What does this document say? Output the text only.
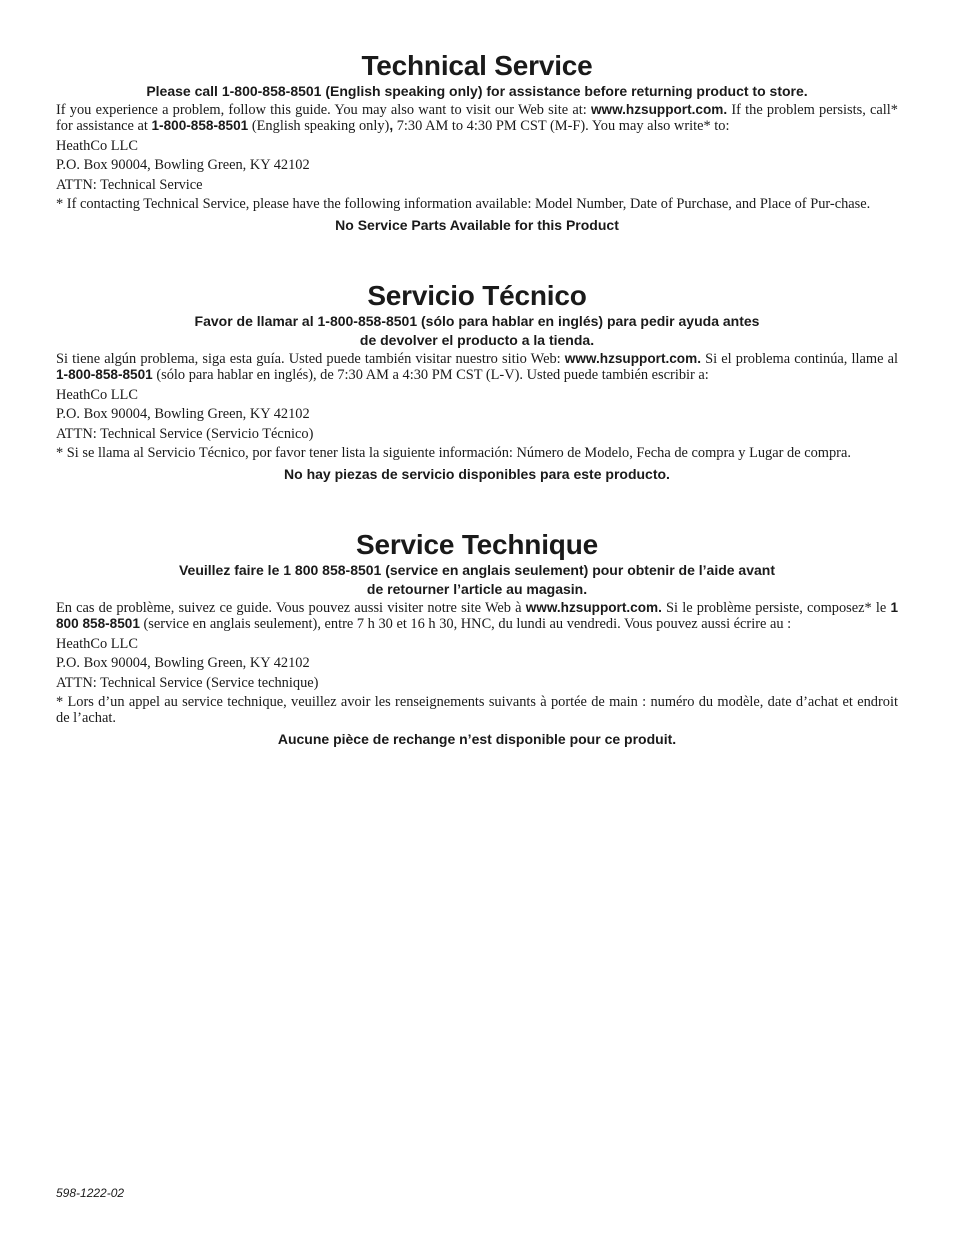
Technical Service
Please call 1-800-858-8501 (English speaking only) for assistance before returning product to store.

If you experience a problem, follow this guide. You may also want to visit our Web site at: www.hzsupport.com. If the problem persists, call* for assistance at 1-800-858-8501 (English speaking only), 7:30 AM to 4:30 PM CST (M-F). You may also write* to:

HeathCo LLC

P.O. Box 90004, Bowling Green, KY 42102

ATTN: Technical Service

* If contacting Technical Service, please have the following information available: Model Number, Date of Purchase, and Place of Pur-chase.

No Service Parts Available for this Product
Servicio Técnico
Favor de llamar al 1-800-858-8501 (sólo para hablar en inglés) para pedir ayuda antes
de devolver el producto a la tienda.

Si tiene algún problema, siga esta guía. Usted puede también visitar nuestro sitio Web: www.hzsupport.com. Si el problema continúa, llame al 1-800-858-8501 (sólo para hablar en inglés), de 7:30 AM a 4:30 PM CST (L-V). Usted puede también escribir a:

HeathCo LLC

P.O. Box 90004, Bowling Green, KY 42102

ATTN: Technical Service (Servicio Técnico)

* Si se llama al Servicio Técnico, por favor tener lista la siguiente información: Número de Modelo, Fecha de compra y Lugar de compra.

No hay piezas de servicio disponibles para este producto.
Service Technique
Veuillez faire le 1 800 858-8501 (service en anglais seulement) pour obtenir de l’aide avant
de retourner l’article au magasin.

En cas de problème, suivez ce guide. Vous pouvez aussi visiter notre site Web à www.hzsupport.com. Si le problème persiste, composez* le 1 800 858-8501 (service en anglais seulement), entre 7 h 30 et 16 h 30, HNC, du lundi au vendredi. Vous pouvez aussi écrire au :

HeathCo LLC

P.O. Box 90004, Bowling Green, KY 42102

ATTN: Technical Service (Service technique)

* Lors d’un appel au service technique, veuillez avoir les renseignements suivants à portée de main : numéro du modèle, date d’achat et endroit de l’achat.

Aucune pièce de rechange n’est disponible pour ce produit.
598-1222-02
